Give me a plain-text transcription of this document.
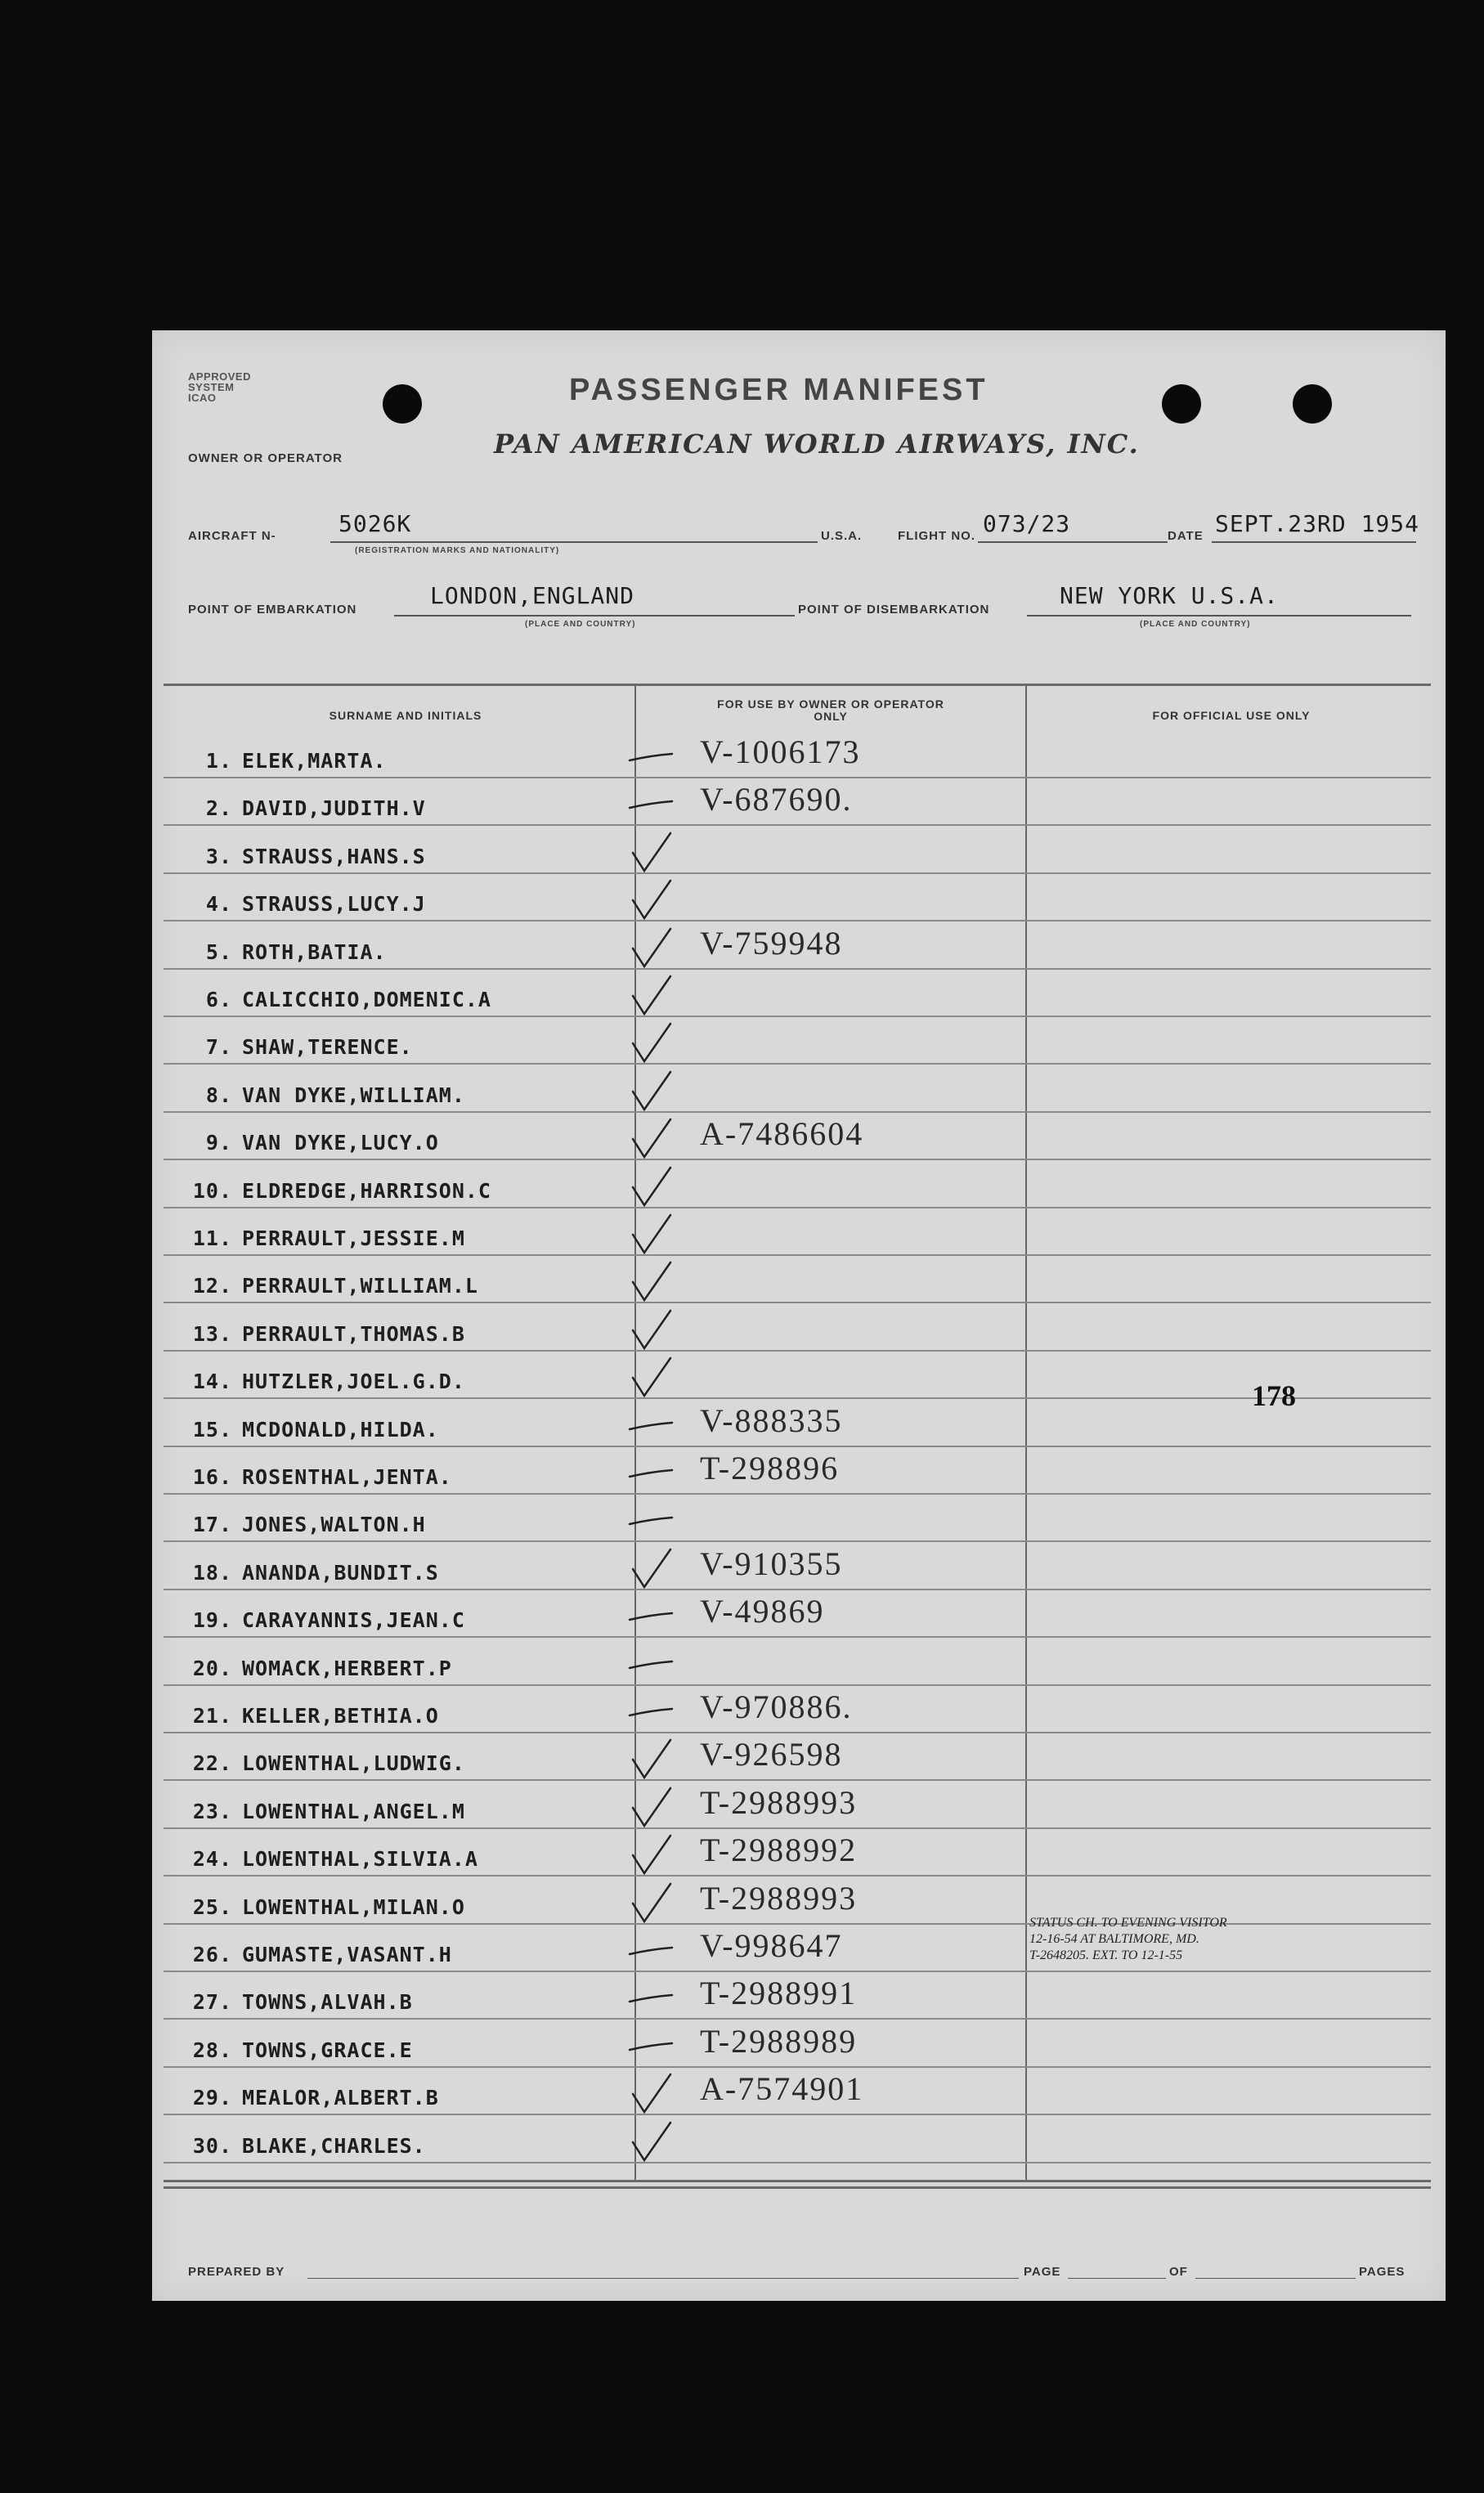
APPROVED
SYSTEM
ICAO	PASSENGER MANIFEST
PAN AMERICAN WORLD AIRWAYS, INC.
OWNER OR OPERATOR
AIRCRAFT N-	5026K
(REGISTRATION MARKS AND NATIONALITY)
U.S.A.	FLIGHT NO. 073/23	DATE SEPT.23RD 1954
POINT OF EMBARKATION
LONDON,ENGLAND
(PLACE AND COUNTRY)
POINT OF DISEMBARKATION
NEW YORK U.S.A.
(PLACE AND COUNTRY)
SURNAME AND INITIALS
FOR USE BY OWNER OR OPERATOR ONLY	FOR OFFICIAL USE ONLY
1. ELEK,MARTA.	V-1006173
2. DAVID,JUDITH.V	V-687690.
3. STRAUSS,HANS.S
4. STRAUSS,LUCY.J
5. ROTH,BATIA.	V-759948
6. CALICCHIO,DOMENIC.A
7. SHAW,TERENCE.
8. VAN DYKE,WILLIAM.
9. VAN DYKE,LUCY.O	A-7486604
10. ELDREDGE,HARRISON.C
11. PERRAULT,JESSIE.M
12. PERRAULT,WILLIAM.L
13. PERRAULT,THOMAS.B
14. HUTZLER,JOEL.G.D.
15. MCDONALD,HILDA.	V-888335
16. ROSENTHAL,JENTA.	T-298896
17. JONES,WALTON.H
18. ANANDA,BUNDIT.S	V-910355
19. CARAYANNIS,JEAN.C	V-49869
20. WOMACK,HERBERT.P
21. KELLER,BETHIA.O	V-970886.
22. LOWENTHAL,LUDWIG.	V-926598
23. LOWENTHAL,ANGEL.M	T-2988993
24. LOWENTHAL,SILVIA.A	T-2988992
25. LOWENTHAL,MILAN.O	T-2988993
26. GUMASTE,VASANT.H	V-998647
27. TOWNS,ALVAH.B	T-2988991
28. TOWNS,GRACE.E	T-2988989
29. MEALOR,ALBERT.B	A-7574901
30. BLAKE,CHARLES.
178
STATUS CH. TO EVENING VISITOR
12-16-54 AT BALTIMORE, MD.
T-2648205. EXT. TO 12-1-55
PREPARED BY	PAGE	OF	PAGES
